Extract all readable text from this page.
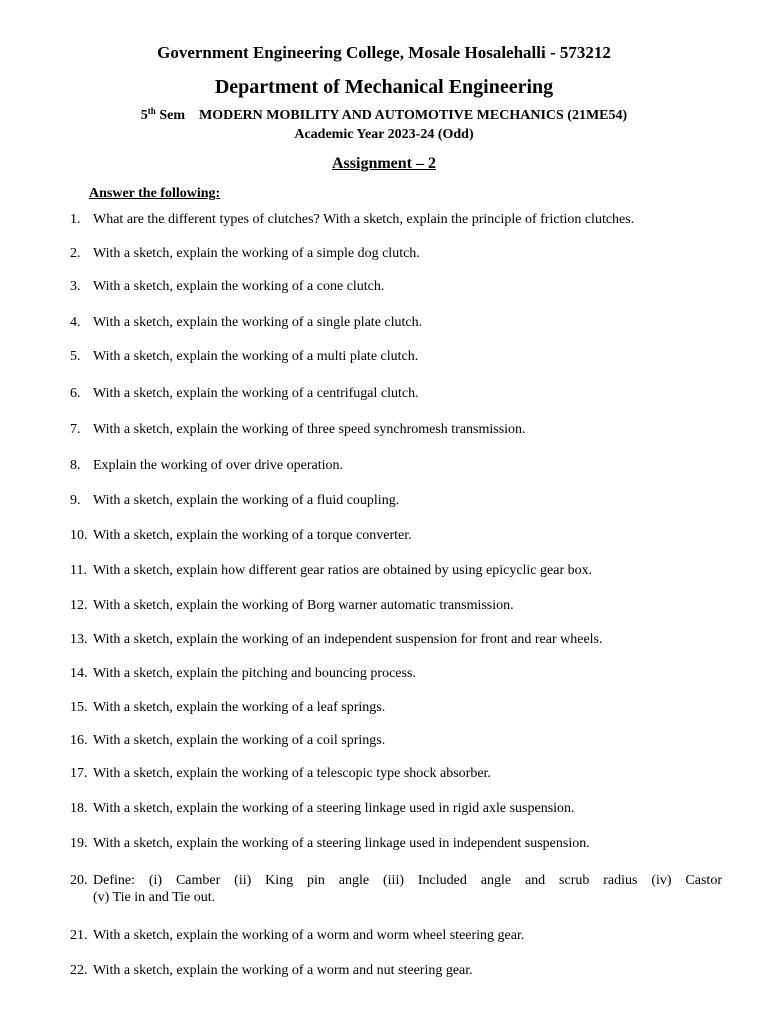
Government Engineering College, Mosale Hosalehalli - 573212
Department of Mechanical Engineering
5th Sem MODERN MOBILITY AND AUTOMOTIVE MECHANICS (21ME54)
Academic Year 2023-24 (Odd)
Assignment – 2
Answer the following:
1. What are the different types of clutches? With a sketch, explain the principle of friction clutches.
2. With a sketch, explain the working of a simple dog clutch.
3. With a sketch, explain the working of a cone clutch.
4. With a sketch, explain the working of a single plate clutch.
5. With a sketch, explain the working of a multi plate clutch.
6. With a sketch, explain the working of a centrifugal clutch.
7. With a sketch, explain the working of three speed synchromesh transmission.
8. Explain the working of over drive operation.
9. With a sketch, explain the working of a fluid coupling.
10. With a sketch, explain the working of a torque converter.
11. With a sketch, explain how different gear ratios are obtained by using epicyclic gear box.
12. With a sketch, explain the working of Borg warner automatic transmission.
13. With a sketch, explain the working of an independent suspension for front and rear wheels.
14. With a sketch, explain the pitching and bouncing process.
15. With a sketch, explain the working of a leaf springs.
16. With a sketch, explain the working of a coil springs.
17. With a sketch, explain the working of a telescopic type shock absorber.
18. With a sketch, explain the working of a steering linkage used in rigid axle suspension.
19. With a sketch, explain the working of a steering linkage used in independent suspension.
20. Define: (i) Camber (ii) King pin angle (iii) Included angle and scrub radius (iv) Castor
(v) Tie in and Tie out.
21. With a sketch, explain the working of a worm and worm wheel steering gear.
22. With a sketch, explain the working of a worm and nut steering gear.
